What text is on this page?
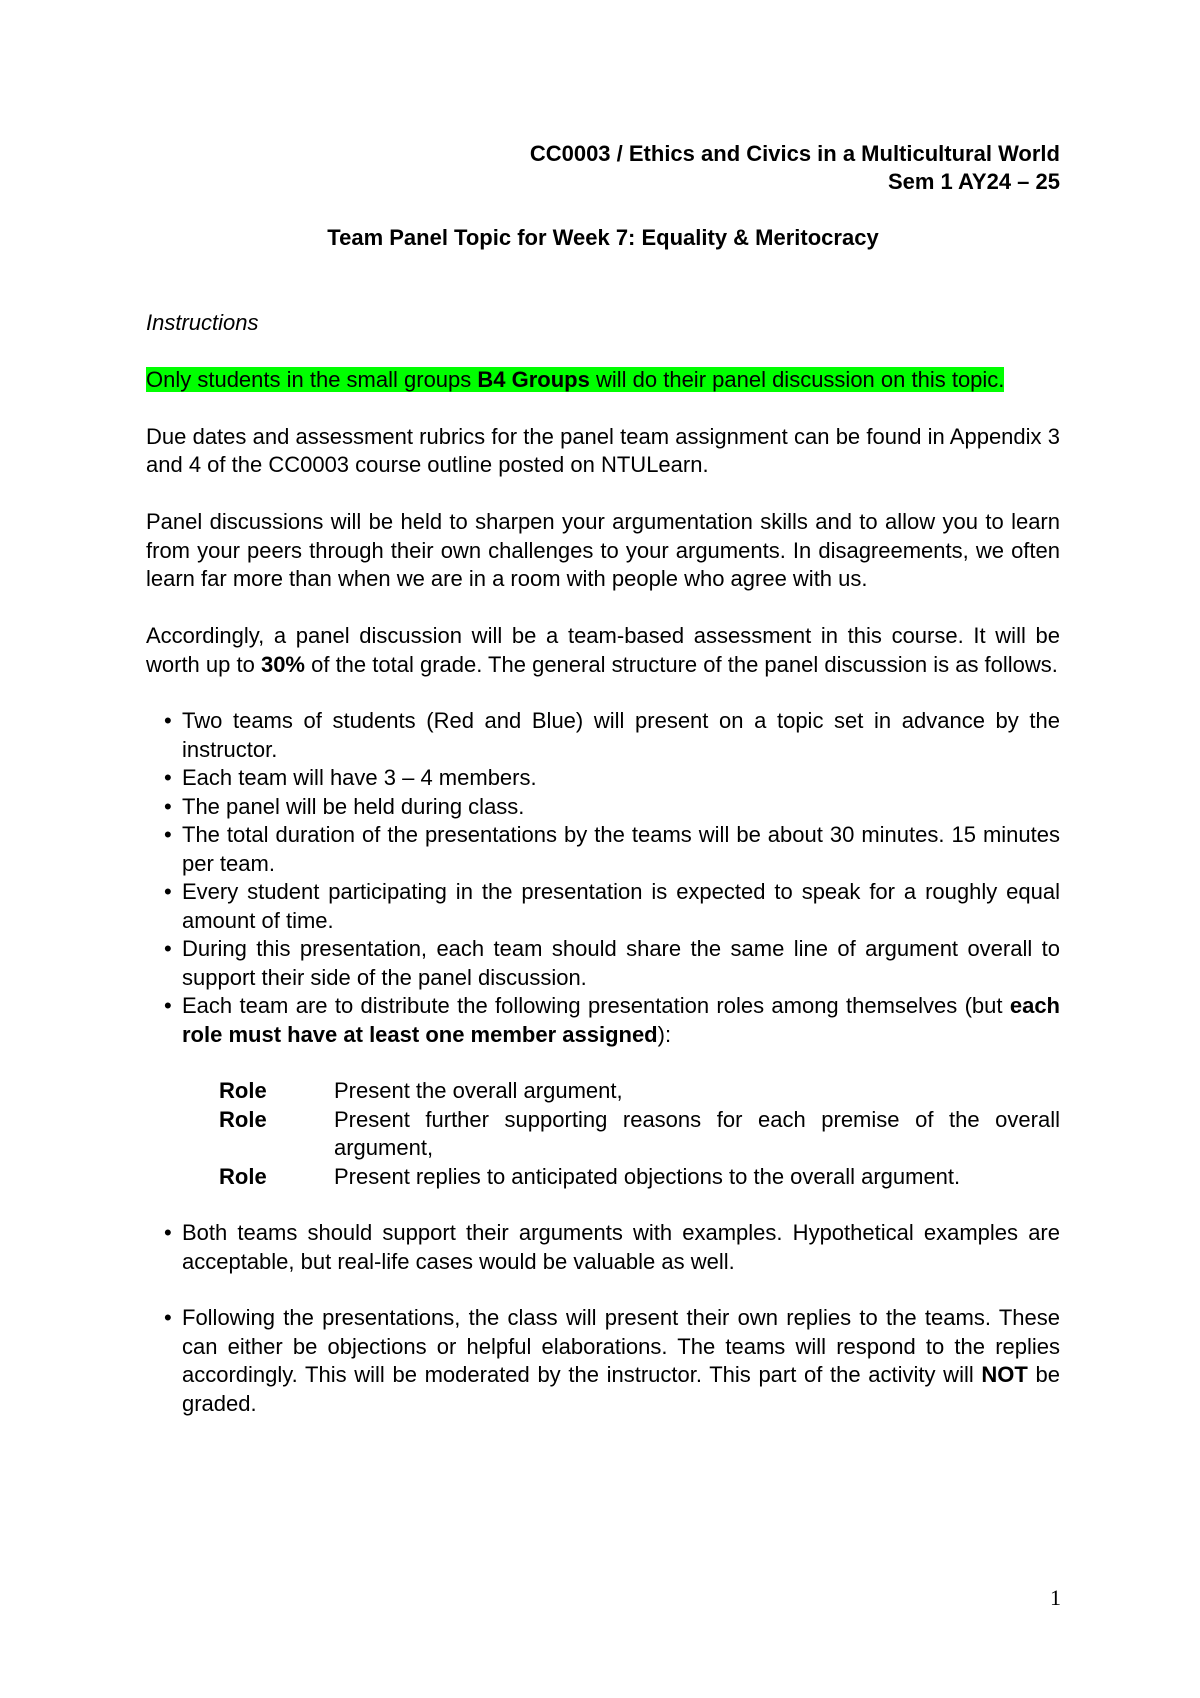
CC0003 / Ethics and Civics in a Multicultural World
Sem 1 AY24 – 25
Team Panel Topic for Week 7: Equality & Meritocracy
Instructions

Only students in the small groups B4 Groups will do their panel discussion on this topic.

Due dates and assessment rubrics for the panel team assignment can be found in Appendix 3 and 4 of the CC0003 course outline posted on NTULearn.

Panel discussions will be held to sharpen your argumentation skills and to allow you to learn from your peers through their own challenges to your arguments. In disagreements, we often learn far more than when we are in a room with people who agree with us.

Accordingly, a panel discussion will be a team-based assessment in this course. It will be worth up to 30% of the total grade. The general structure of the panel discussion is as follows.

• Two teams of students (Red and Blue) will present on a topic set in advance by the instructor.
• Each team will have 3 – 4 members.
• The panel will be held during class.
• The total duration of the presentations by the teams will be about 30 minutes. 15 minutes per team.
• Every student participating in the presentation is expected to speak for a roughly equal amount of time.
• During this presentation, each team should share the same line of argument overall to support their side of the panel discussion.
• Each team are to distribute the following presentation roles among themselves (but each role must have at least one member assigned):
Role	Present the overall argument,
Role	Present further supporting reasons for each premise of the overall argument,
Role	Present replies to anticipated objections to the overall argument.
• Both teams should support their arguments with examples. Hypothetical examples are acceptable, but real-life cases would be valuable as well.
• Following the presentations, the class will present their own replies to the teams. These can either be objections or helpful elaborations. The teams will respond to the replies accordingly. This will be moderated by the instructor. This part of the activity will NOT be graded.
1
